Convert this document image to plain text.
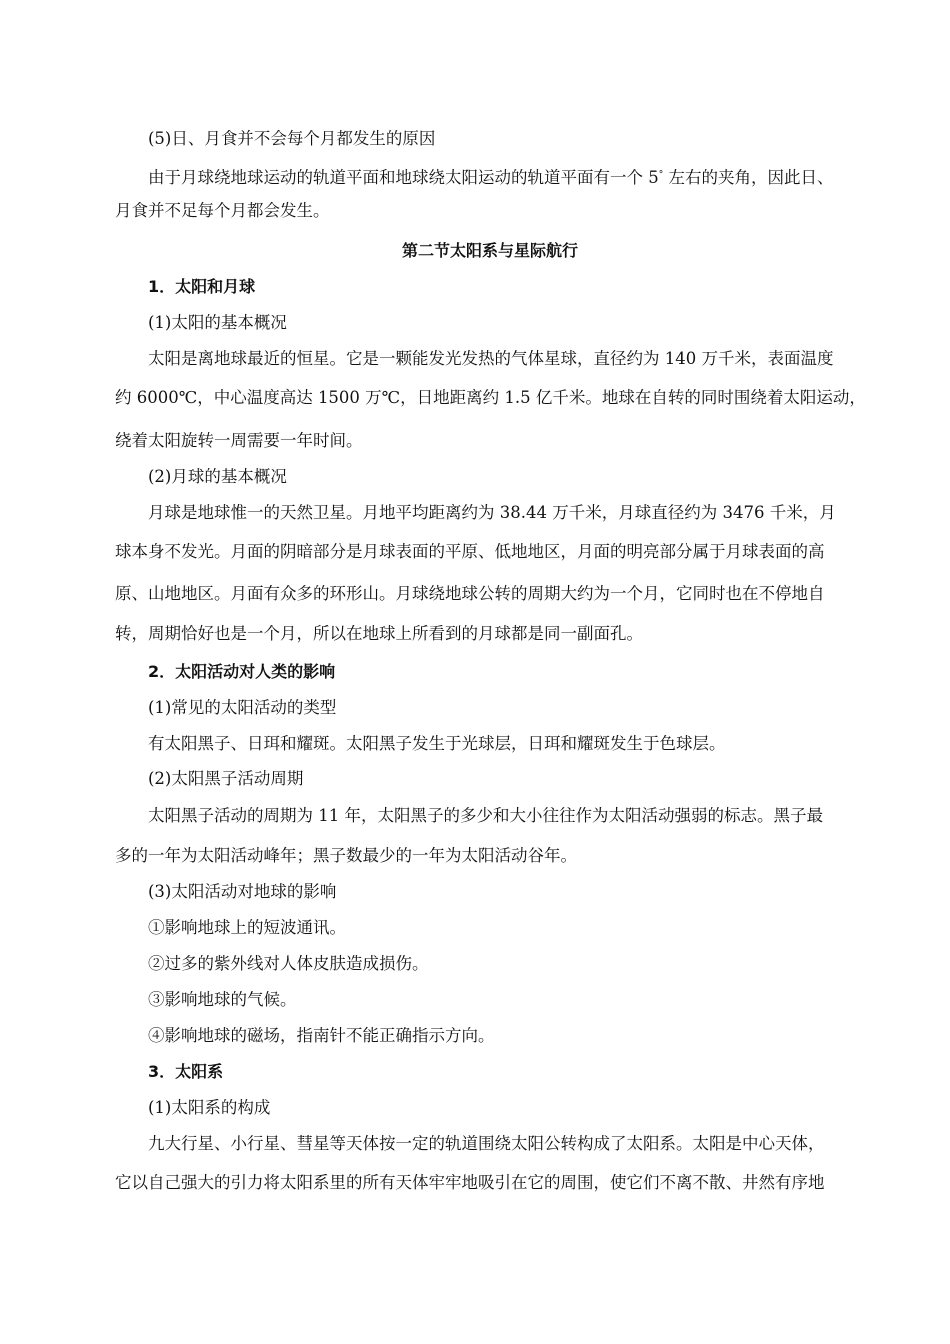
(5)日、月食并不会每个月都发生的原因
由于月球绕地球运动的轨道平面和地球绕太阳运动的轨道平面有一个 5° 左右的夹角，因此日、
月食并不足每个月都会发生。
第二节太阳系与星际航行
1．太阳和月球
(1)太阳的基本概况
太阳是离地球最近的恒星。它是一颗能发光发热的气体星球，直径约为 140 万千米，表面温度
约 6000℃，中心温度高达 1500 万℃，日地距离约 1.5 亿千米。地球在自转的同时围绕着太阳运动，
绕着太阳旋转一周需要一年时间。
(2)月球的基本概况
月球是地球惟一的天然卫星。月地平均距离约为 38.44 万千米，月球直径约为 3476 千米，月
球本身不发光。月面的阴暗部分是月球表面的平原、低地地区，月面的明亮部分属于月球表面的高
原、山地地区。月面有众多的环形山。月球绕地球公转的周期大约为一个月，它同时也在不停地自
转，周期恰好也是一个月，所以在地球上所看到的月球都是同一副面孔。
2．太阳活动对人类的影响
(1)常见的太阳活动的类型
有太阳黑子、日珥和耀斑。太阳黑子发生于光球层，日珥和耀斑发生于色球层。
(2)太阳黑子活动周期
太阳黑子活动的周期为 11 年，太阳黑子的多少和大小往往作为太阳活动强弱的标志。黑子最
多的一年为太阳活动峰年；黑子数最少的一年为太阳活动谷年。
(3)太阳活动对地球的影响
①影响地球上的短波通讯。
②过多的紫外线对人体皮肤造成损伤。
③影响地球的气候。
④影响地球的磁场，指南针不能正确指示方向。
3．太阳系
(1)太阳系的构成
九大行星、小行星、彗星等天体按一定的轨道围绕太阳公转构成了太阳系。太阳是中心天体，
它以自己强大的引力将太阳系里的所有天体牢牢地吸引在它的周围，使它们不离不散、井然有序地
